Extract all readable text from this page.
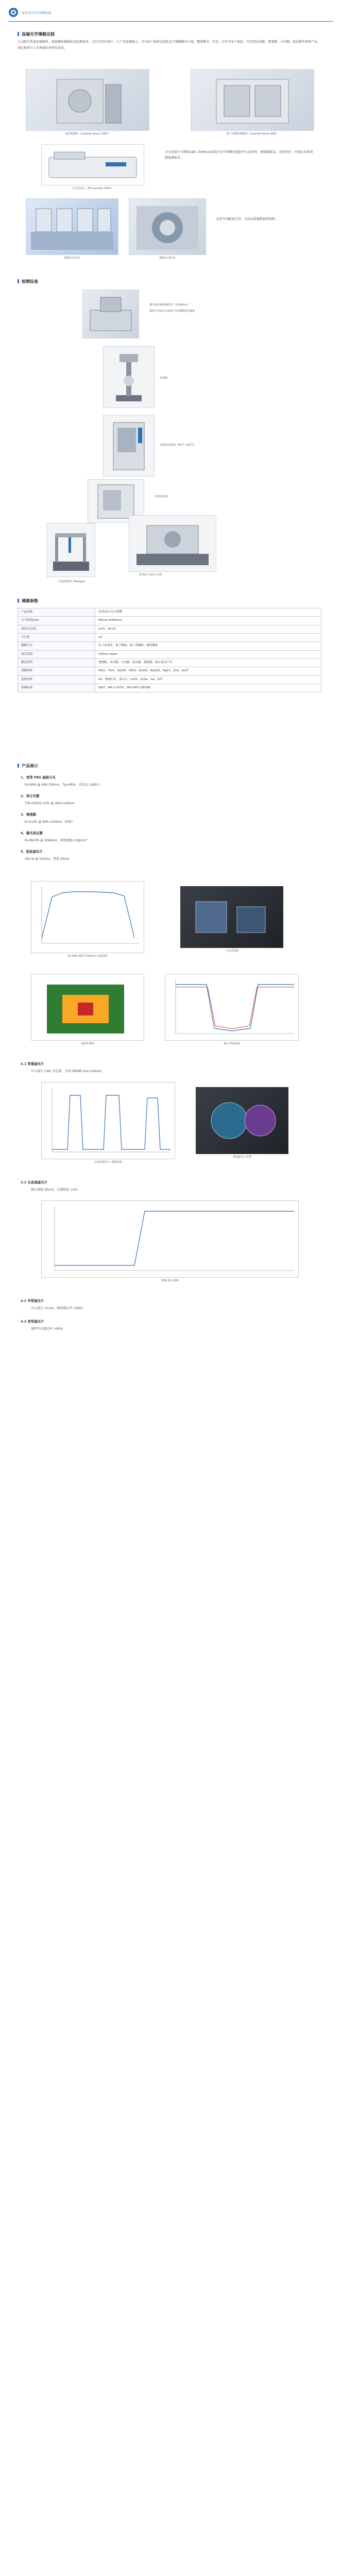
宽带/高分光学薄膜检测
高端光学薄膜定制
公司配有热蒸发镀膜机、磁控溅射镀膜机及检测设备，具有完善的设计、生产及检测能力，可为客户提供定制化光学薄膜解决方案，覆盖紫外、可见、红外等多个波段，可定制高反膜、增透膜、分光膜、滤光膜等多种产品，满足科研与工业领域的多样化需求。
蒸发镀膜机（Leybold Syrus 1350）	离子束溅射镀膜机（Leybold Helios 800）
分光光度计（PE Lambda 1050）
分光光度计可测量190~3300nm波段内光学薄膜的透射率与反射率，测量精度高，重复性好，可满足各类薄膜检测需求。
镀膜车间实景	镀膜车间实景
洁净车间配套完善，为高品质镀膜提供保障。
检测设备
激光损伤阈值测试仪（1064nm）
测量不同波长及脉宽下的薄膜损伤阈值
显微镜
高低温试验箱 -40℃~150℃
环境试验箱
三坐标测量仪 Hexagon
ZYGO干涉仪 4"/6"
薄膜参数
产品名称	宽带/高分光学薄膜
尺寸范围/mm	Φ5mm-Φ300mm
面形/光洁度	λ/10，20-10
平行度	≤1′
镀膜方式	电子束蒸发、离子辅助、离子束溅射、磁控溅射
波长范围	190nm-20μm
膜层类型	增透膜、高反膜、分光膜、滤光膜、偏振膜、截止滤光片等
薄膜材料	SiO2、TiO2、Ta2O5、HfO2、Al2O3、Nb2O5、MgF2、ZnS、Ge等
基底材料	K9、熔融石英、蓝宝石、CaF2、ZnSe、Ge、Si等
检测标准	GB/T、MIL-C-675C、MIL-PRF-13830B
产品展示
1、宽带 PBS 偏振分光
R>99% @ 400-700nm，Tp>95%，消光比 1000:1
2、高分光膜
T/R=50/50 ±5% @ 400-1100nm
3、增透膜
R<0.2% @ 400-1100nm（单面）
4、激光高反膜
R>99.9% @ 1064nm，损伤阈值>10J/cm²
5、陷波滤光片
OD>6 @ 532nm，带宽 20nm
R>99% 400-1100nm 反射曲线
产品实物图
透射率曲线	截止带宽曲线
3.1 带通滤光片
中心波长 CWL 可定制，半宽 FWHM 2nm-100nm
多波段滤光片 透射曲线
带通滤光片实物
3.2 长波通滤光片
截止深度 OD>5，过渡陡度 <2%
OD6 截止曲线
4.1 窄带滤光片
中心波长 ±1nm，峰值透过率 >90%
4.2 宽带滤光片
通带平均透过率 >95%
